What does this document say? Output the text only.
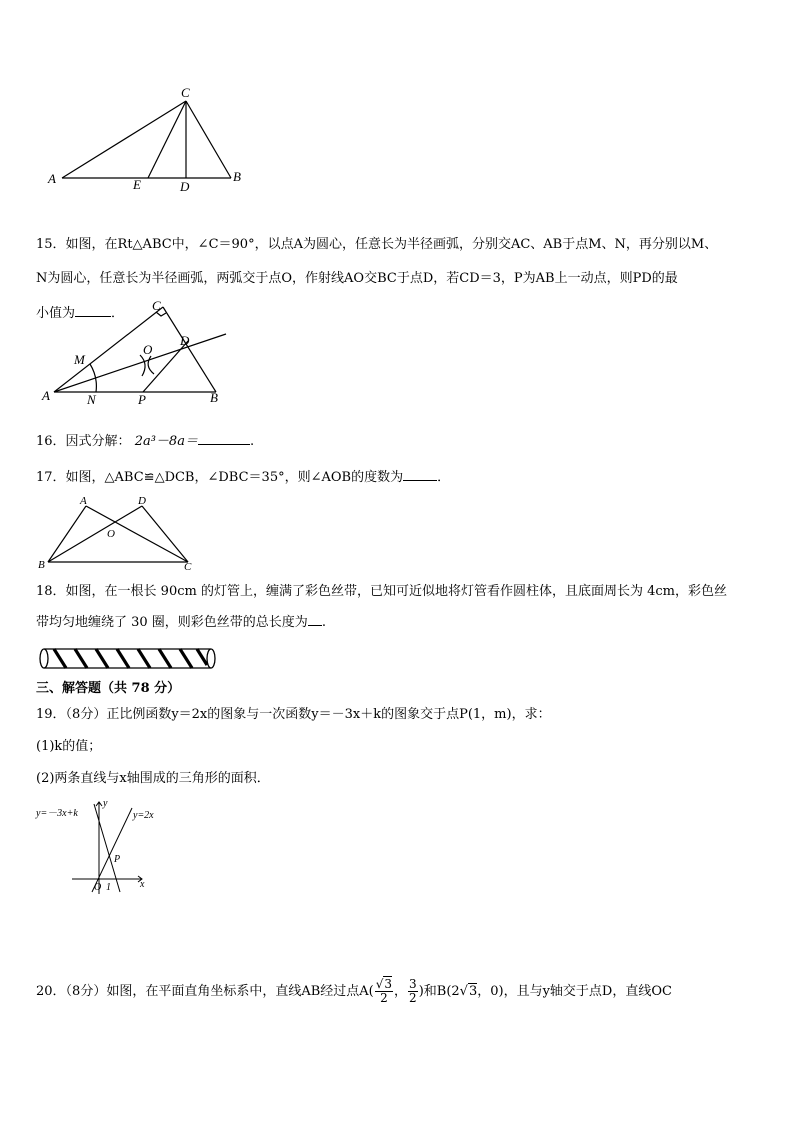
A	B
C
D
E
15．如图，在Rt△ABC中，∠C＝90°，以点A为圆心，任意长为半径画弧，分别交AC、AB于点M、N，再分别以M、
N为圆心，任意长为半径画弧，两弧交于点O，作射线AO交BC于点D，若CD＝3，P为AB上一动点，则PD的最
小值为	．
C
M
O
D
A	N	P	B
16．因式分解： 2a³－8a＝	.
17．如图，△ABC≌△DCB，∠DBC＝35°，则∠AOB的度数为	．
A	D
O
B	C
18．如图，在一根长 90cm 的灯管上，缠满了彩色丝带，已知可近似地将灯管看作圆柱体，且底面周长为 4cm，彩色丝
带均匀地缠绕了 30 圈，则彩色丝带的总长度为 .
三、解答题（共 78 分）
19．（8分）正比例函数y＝2x的图象与一次函数y＝－3x＋k的图象交于点P(1，m)，求：
(1)k的值；
(2)两条直线与x轴围成的三角形的面积．
y=－3x+k	y=2x
y
x
P
O 1
20．（8分）如图，在平面直角坐标系中，直线AB经过点$A( \frac{√3}{2}$ ， $\frac{3}{2}$ )和B(2√3，0)，且与y轴交于点D，直线OC
